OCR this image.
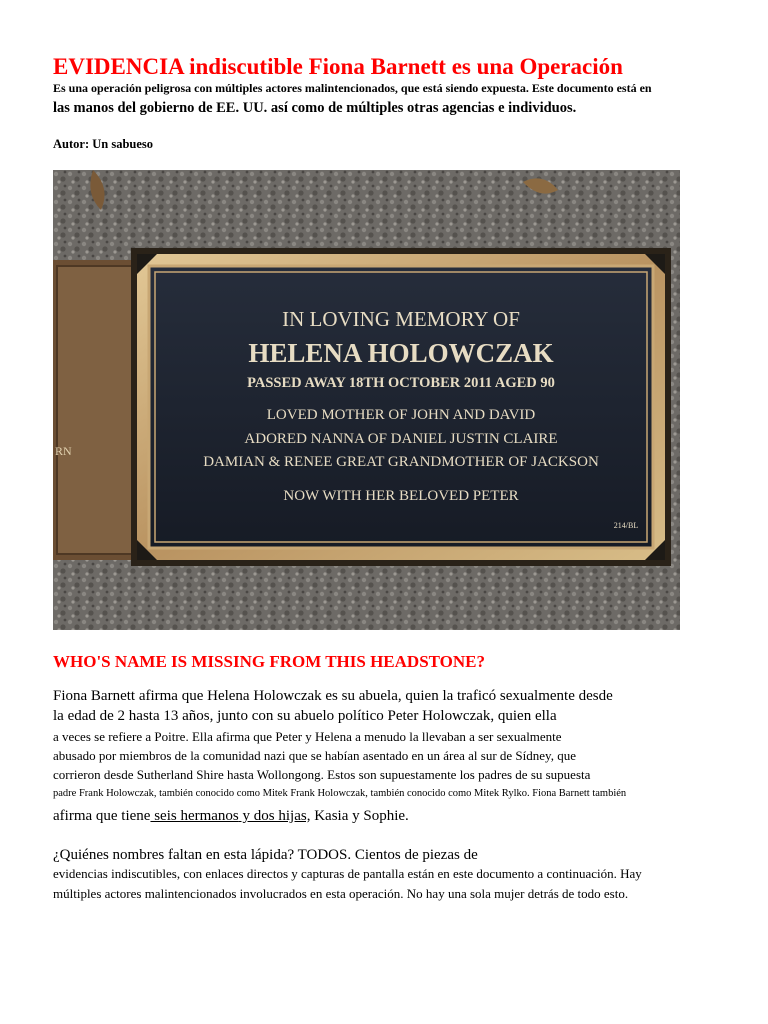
EVIDENCIA indiscutible Fiona Barnett es una Operación
Es una operación peligrosa con múltiples actores malintencionados, que está siendo expuesta. Este documento está en
las manos del gobierno de EE. UU. así como de múltiples otras agencias e individuos.
Autor: Un sabueso
RN
IN LOVING MEMORY OF
HELENA HOLOWCZAK
PASSED AWAY 18TH OCTOBER 2011 AGED 90
LOVED MOTHER OF JOHN AND DAVID
ADORED NANNA OF DANIEL JUSTIN CLAIRE
DAMIAN & RENEE GREAT GRANDMOTHER OF JACKSON
NOW WITH HER BELOVED PETER
214/BL
WHO'S NAME IS MISSING FROM THIS HEADSTONE?
Fiona Barnett afirma que Helena Holowczak es su abuela, quien la traficó sexualmente desde
la edad de 2 hasta 13 años, junto con su abuelo político Peter Holowczak, quien ella
a veces se refiere a Poitre. Ella afirma que Peter y Helena a menudo la llevaban a ser sexualmente
abusado por miembros de la comunidad nazi que se habían asentado en un área al sur de Sídney, que
corrieron desde Sutherland Shire hasta Wollongong. Estos son supuestamente los padres de su supuesta
padre Frank Holowczak, también conocido como Mitek Frank Holowczak, también conocido como Mitek Rylko. Fiona Barnett también
afirma que tiene seis hermanos y dos hijas, Kasia y Sophie.
¿Quiénes nombres faltan en esta lápida? TODOS. Cientos de piezas de
evidencias indiscutibles, con enlaces directos y capturas de pantalla están en este documento a continuación. Hay
múltiples actores malintencionados involucrados en esta operación. No hay una sola mujer detrás de todo esto.
